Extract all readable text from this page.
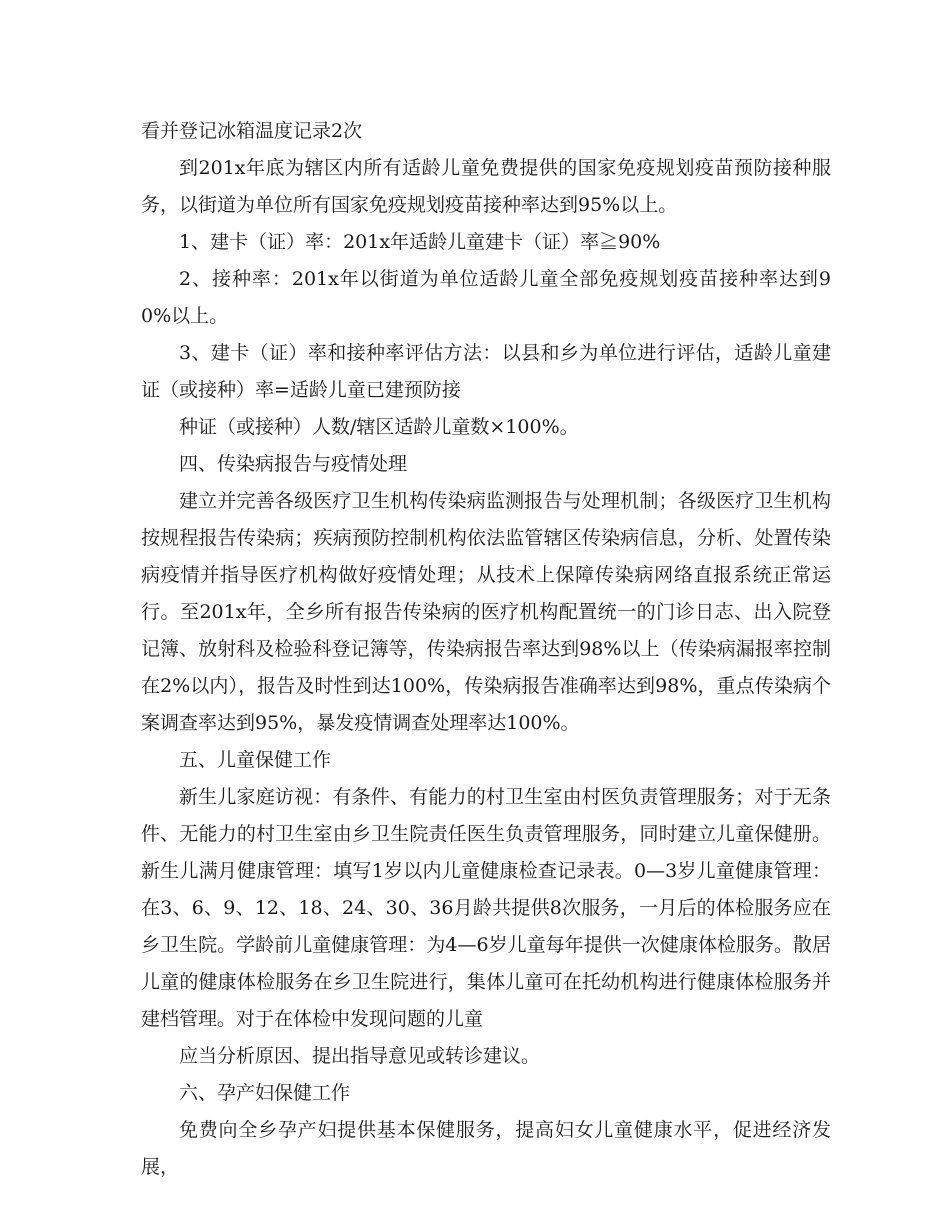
看并登记冰箱温度记录2次

到201x年底为辖区内所有适龄儿童免费提供的国家免疫规划疫苗预防接种服务，以街道为单位所有国家免疫规划疫苗接种率达到95%以上。

1、建卡（证）率：201x年适龄儿童建卡（证）率≧90%

2、接种率：201x年以街道为单位适龄儿童全部免疫规划疫苗接种率达到90%以上。

3、建卡（证）率和接种率评估方法：以县和乡为单位进行评估，适龄儿童建证（或接种）率=适龄儿童已建预防接

种证（或接种）人数/辖区适龄儿童数×100%。

四、传染病报告与疫情处理

建立并完善各级医疗卫生机构传染病监测报告与处理机制；各级医疗卫生机构按规程报告传染病；疾病预防控制机构依法监管辖区传染病信息，分析、处置传染病疫情并指导医疗机构做好疫情处理；从技术上保障传染病网络直报系统正常运行。至201x年，全乡所有报告传染病的医疗机构配置统一的门诊日志、出入院登记簿、放射科及检验科登记簿等，传染病报告率达到98%以上（传染病漏报率控制在2%以内），报告及时性到达100%，传染病报告准确率达到98%，重点传染病个案调查率达到95%，暴发疫情调查处理率达100%。

五、儿童保健工作

新生儿家庭访视：有条件、有能力的村卫生室由村医负责管理服务；对于无条件、无能力的村卫生室由乡卫生院责任医生负责管理服务，同时建立儿童保健册。新生儿满月健康管理：填写1岁以内儿童健康检查记录表。0—3岁儿童健康管理：在3、6、9、12、18、24、30、36月龄共提供8次服务，一月后的体检服务应在乡卫生院。学龄前儿童健康管理：为4—6岁儿童每年提供一次健康体检服务。散居儿童的健康体检服务在乡卫生院进行，集体儿童可在托幼机构进行健康体检服务并建档管理。对于在体检中发现问题的儿童

应当分析原因、提出指导意见或转诊建议。

六、孕产妇保健工作

免费向全乡孕产妇提供基本保健服务，提高妇女儿童健康水平，促进经济发展，
